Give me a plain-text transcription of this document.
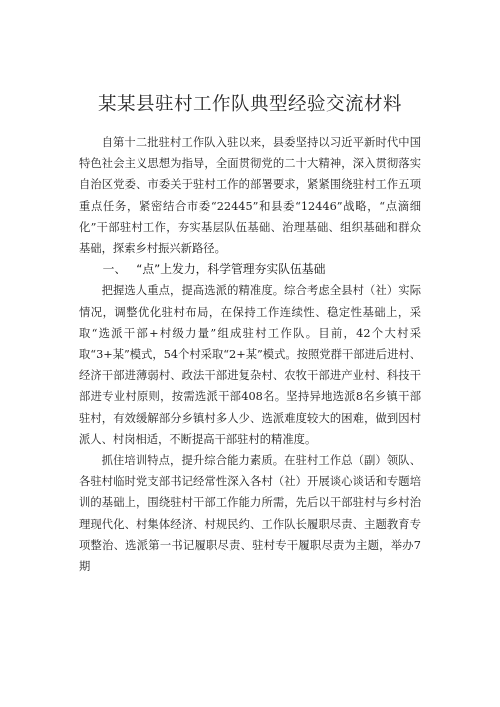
某某县驻村工作队典型经验交流材料

自第十二批驻村工作队入驻以来，县委坚持以习近平新时代中国特色社会主义思想为指导，全面贯彻党的二十大精神，深入贯彻落实自治区党委、市委关于驻村工作的部署要求，紧紧围绕驻村工作五项重点任务，紧密结合市委“22445”和县委“12446”战略，“点滴细化”干部驻村工作，夯实基层队伍基础、治理基础、组织基础和群众基础，探索乡村振兴新路径。

一、 “点”上发力，科学管理夯实队伍基础

把握选人重点，提高选派的精准度。综合考虑全县村（社）实际情况，调整优化驻村布局，在保持工作连续性、稳定性基础上，采取“选派干部+村级力量”组成驻村工作队。目前，42个大村采取“3+某”模式，54个村采取“2+某”模式。按照党群干部进后进村、经济干部进薄弱村、政法干部进复杂村、农牧干部进产业村、科技干部进专业村原则，按需选派干部408名。坚持异地选派8名乡镇干部驻村，有效缓解部分乡镇村多人少、选派难度较大的困难，做到因村派人、村岗相适，不断提高干部驻村的精准度。

抓住培训特点，提升综合能力素质。在驻村工作总（副）领队、各驻村临时党支部书记经常性深入各村（社）开展谈心谈话和专题培训的基础上，围绕驻村干部工作能力所需，先后以干部驻村与乡村治理现代化、村集体经济、村规民约、工作队长履职尽责、主题教育专项整治、选派第一书记履职尽责、驻村专干履职尽责为主题，举办7期
